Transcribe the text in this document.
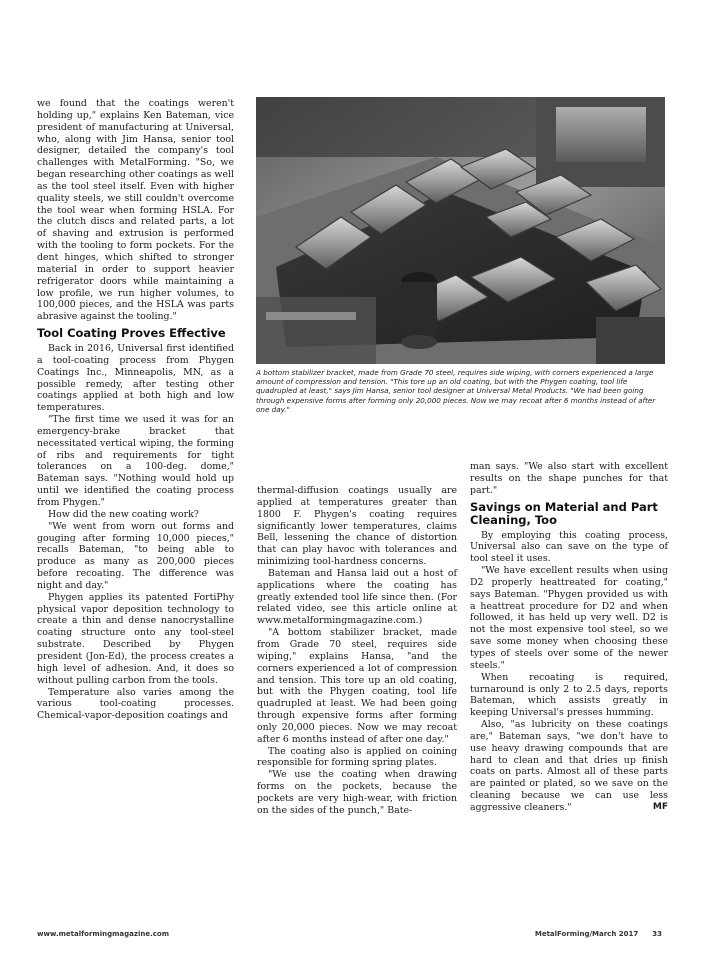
we found that the coatings weren't holding up," explains Ken Bateman, vice president of manufacturing at Universal, who, along with Jim Hansa, senior tool designer, detailed the company's tool challenges with MetalForming. "So, we began researching other coatings as well as the tool steel itself. Even with higher quality steels, we still couldn't overcome the tool wear when forming HSLA. For the clutch discs and related parts, a lot of shaving and extrusion is performed with the tooling to form pockets. For the dent hinges, which shifted to stronger material in order to support heavier refrigerator doors while maintaining a low profile, we run higher volumes, to 100,000 pieces, and the HSLA was parts abrasive against the tooling."

Tool Coating Proves Effective

Back in 2016, Universal first identified a tool-coating process from Phygen Coatings Inc., Minneapolis, MN, as a possible remedy, after testing other coatings applied at both high and low temperatures.

"The first time we used it was for an emergency-brake bracket that necessitated vertical wiping, the forming of ribs and requirements for tight tolerances on a 100-deg. dome," Bateman says. "Nothing would hold up until we identified the coating process from Phygen."

How did the new coating work?

"We went from worn out forms and gouging after forming 10,000 pieces," recalls Bateman, "to being able to produce as many as 200,000 pieces before recoating. The difference was night and day."

Phygen applies its patented FortiPhy physical vapor deposition technology to create a thin and dense nanocrystalline coating structure onto any tool-steel substrate. Described by Phygen president (Jon-Ed), the process creates a high level of adhesion. And, it does so without pulling carbon from the tools.

Temperature also varies among the various tool-coating processes. Chemical-vapor-deposition coatings and

A bottom stabilizer bracket, made from Grade 70 steel, requires side wiping, with corners experienced a large amount of compression and tension. "This tore up an old coating, but with the Phygen coating, tool life quadrupled at least," says Jim Hansa, senior tool designer at Universal Metal Products. "We had been going through expensive forms after forming only 20,000 pieces. Now we may recoat after 6 months instead of after one day."

thermal-diffusion coatings usually are applied at temperatures greater than 1800 F. Phygen's coating requires significantly lower temperatures, claims Bell, lessening the chance of distortion that can play havoc with tolerances and minimizing tool-hardness concerns.

Bateman and Hansa laid out a host of applications where the coating has greatly extended tool life since then. (For related video, see this article online at www.metalformingmagazine.com.)

"A bottom stabilizer bracket, made from Grade 70 steel, requires side wiping," explains Hansa, "and the corners experienced a lot of compression and tension. This tore up an old coating, but with the Phygen coating, tool life quadrupled at least. We had been going through expensive forms after forming only 20,000 pieces. Now we may recoat after 6 months instead of after one day."

The coating also is applied on coining responsible for forming spring plates.

"We use the coating when drawing forms on the pockets, because the pockets are very high-wear, with friction on the sides of the punch," Bate-

man says. "We also start with excellent results on the shape punches for that part."

Savings on Material and Part Cleaning, Too

By employing this coating process, Universal also can save on the type of tool steel it uses.

"We have excellent results when using D2 properly heattreated for coating," says Bateman. "Phygen provided us with a heattreat procedure for D2 and when followed, it has held up very well. D2 is not the most expensive tool steel, so we save some money when choosing these types of steels over some of the newer steels."

When recoating is required, turnaround is only 2 to 2.5 days, reports Bateman, which assists greatly in keeping Universal's presses humming.

Also, "as lubricity on these coatings are," Bateman says, "we don't have to use heavy drawing compounds that are hard to clean and that dries up finish coats on parts. Almost all of these parts are painted or plated, so we save on the cleaning because we can use less aggressive cleaners."	MF

www.metalformingmagazine.com	MetalForming/March 2017 33
